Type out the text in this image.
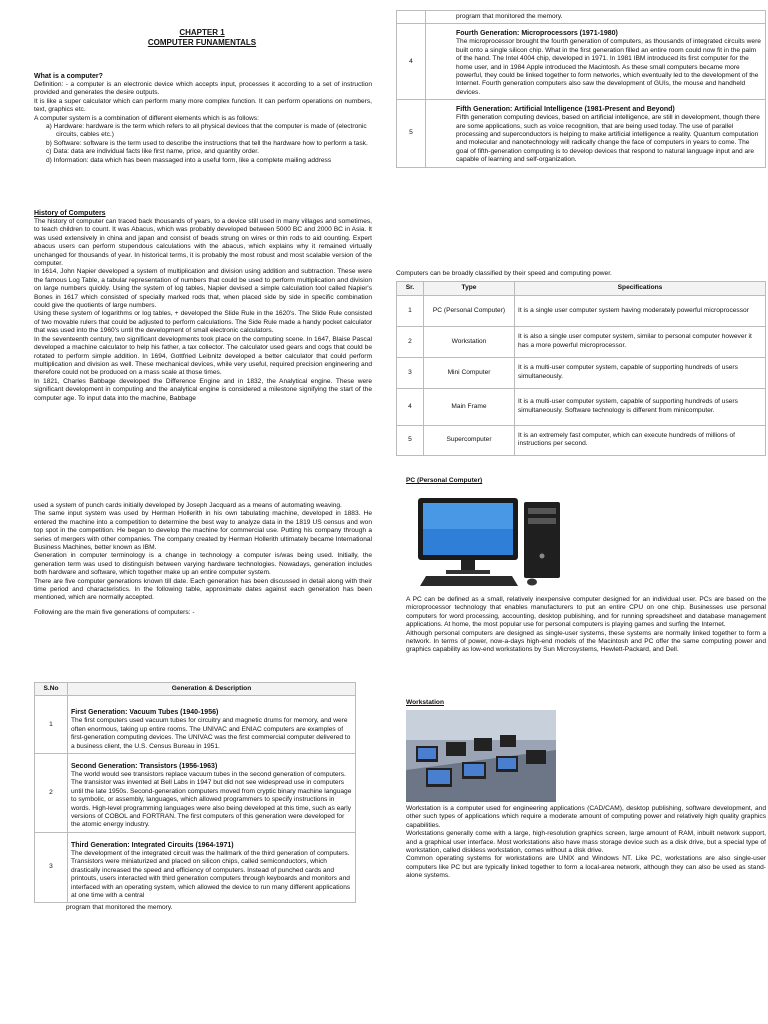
CHAPTER 1
COMPUTER FUNAMENTALS
What is a computer?

Definition: - a computer is an electronic device which accepts input, processes it according to a set of instruction provided and generates the desire outputs.

It is like a super calculator which can perform many more complex function. It can perform operations on numbers, text, graphics etc.

A computer system is a combination of different elements which is as follows:

a) Hardware: hardware is the term which refers to all physical devices that the computer is made of (electronic circuits, cables etc.)
b) Software: software is the term used to describe the instructions that tell the hardware how to perform a task.
c) Data: data are individual facts like first name, price, and quantity order.
d) Information: data which has been massaged into a useful form, like a complete mailing address
History of Computers

The history of computer can traced back thousands of years, to a device still used in many villages and sometimes, to teach children to count. It was Abacus, which was probably developed between 5000 BC and 2000 BC in Asia. It was used extensively in china and japan and consist of beads strung on wires or thin rods to aid counting. Expert abacus users can perform stupendous calculations with the abacus, which explains why it remained virtually unchanged for thousands of year. In historical terms, it is probably the most robust and most scalable version of the computer.

In 1614, John Napier developed a system of multiplication and division using addition and subtraction. These were the famous Log Table, a tabular representation of numbers that could be used to perform multiplication and division on large numbers quickly. Using the system of log tables, Napier devised a simple calculation tool called Napier's Bones in 1617 which consisted of specially marked rods that, when placed side by side in specific combination could give the quotients of large numbers.

Using these system of logarithms or log tables, + developed the Slide Rule in the 1620's. The Slide Rule consisted of two movable rulers that could be adjusted to perform calculations. The Side Rule made a handy pocket calculator that was used into the 1960's until the development of small electronic calculators.

In the seventeenth century, two significant developments took place on the computing scene. In 1647, Blaise Pascal developed a machine calculator to help his father, a tax collector. The calculator used gears and cogs that could be rotated to perform simple addition. In 1694, Gottfried Leibnitz developed a better calculator that could perform multiplication and division as well. These mechanical devices, while very useful, required precision engineering and therefore could not be produced on a mass scale at those times.

In 1821, Charles Babbage developed the Difference Engine and in 1832, the Analytical engine. These were significant development in computing and the analytical engine is considered a milestone signifying the start of the computer age. To input data into the machine, Babbage

used a system of punch cards initially developed by Joseph Jacquard as a means of automating weaving.

The same input system was used by Herman Hollerith in his own tabulating machine, developed in 1883. He entered the machine into a competition to determine the best way to analyze data in the 1819 US census and won top spot in the competition. He began to develop the machine for commercial use. Putting his company through a series of mergers with other companies. The company created by Herman Hollerith ultimately became International Business Machines, better known as IBM.

Generation in computer terminology is a change in technology a computer is/was being used. Initially, the generation term was used to distinguish between varying hardware technologies. Nowadays, generation includes both hardware and software, which together make up an entire computer system.

There are five computer generations known till date. Each generation has been discussed in detail along with their time period and characteristics. In the following table, approximate dates against each generation has been mentioned, which are normally accepted.

Following are the main five generations of computers: -

S.No	Generation & Description
1	First Generation: Vacuum Tubes (1940-1956)
The first computers used vacuum tubes for circuitry and magnetic drums for memory, and were often enormous, taking up entire rooms. The UNIVAC and ENIAC computers are examples of first-generation computing devices. The UNIVAC was the first commercial computer delivered to a business client, the U.S. Census Bureau in 1951.

2	Second Generation: Transistors (1956-1963)
The world would see transistors replace vacuum tubes in the second generation of computers. The transistor was invented at Bell Labs in 1947 but did not see widespread use in computers until the late 1950s. Second-generation computers moved from cryptic binary machine language to symbolic, or assembly, languages, which allowed programmers to specify instructions in words. High-level programming languages were also being developed at this time, such as early versions of COBOL and FORTRAN. The first computers of this generation were developed for the atomic energy industry.

3	Third Generation: Integrated Circuits (1964-1971)
The development of the integrated circuit was the hallmark of the third generation of computers. Transistors were miniaturized and placed on silicon chips, called semiconductors, which drastically increased the speed and efficiency of computers. Instead of punched cards and printouts, users interacted with third generation computers through keyboards and monitors and interfaced with an operating system, which allowed the device to run many different applications at one time with a central
program that monitored the memory.
	program that monitored the memory.
4	Fourth Generation: Microprocessors (1971-1980)
The microprocessor brought the fourth generation of computers, as thousands of integrated circuits were built onto a single silicon chip. What in the first generation filled an entire room could now fit in the palm of the hand. The Intel 4004 chip, developed in 1971. In 1981 IBM introduced its first computer for the home user, and in 1984 Apple introduced the Macintosh. As these small computers became more powerful, they could be linked together to form networks, which eventually led to the development of the Internet. Fourth generation computers also saw the development of GUIs, the mouse and handheld devices.

5	Fifth Generation: Artificial Intelligence (1981-Present and Beyond)
Fifth generation computing devices, based on artificial intelligence, are still in development, though there are some applications, such as voice recognition, that are being used today. The use of parallel processing and superconductors is helping to make artificial intelligence a reality. Quantum computation and molecular and nanotechnology will radically change the face of computers in years to come. The goal of fifth-generation computing is to develop devices that respond to natural language input and are capable of learning and self-organization.

Computers can be broadly classified by their speed and computing power.

Sr.	Type	Specifications
1	PC (Personal Computer)	It is a single user computer system having moderately powerful microprocessor
2	Workstation	It is also a single user computer system, similar to personal computer however it has a more powerful microprocessor.
3	Mini Computer	It is a multi-user computer system, capable of supporting hundreds of users simultaneously.
4	Main Frame	It is a multi-user computer system, capable of supporting hundreds of users simultaneously. Software technology is different from minicomputer.
5	Supercomputer	It is an extremely fast computer, which can execute hundreds of millions of instructions per second.
PC (Personal Computer)

A PC can be defined as a small, relatively inexpensive computer designed for an individual user. PCs are based on the microprocessor technology that enables manufacturers to put an entire CPU on one chip. Businesses use personal computers for word processing, accounting, desktop publishing, and for running spreadsheet and database management applications. At home, the most popular use for personal computers is playing games and surfing the Internet.

Although personal computers are designed as single-user systems, these systems are normally linked together to form a network. In terms of power, now-a-days high-end models of the Macintosh and PC offer the same computing power and graphics capability as low-end workstations by Sun Microsystems, Hewlett-Packard, and Dell.

Workstation

Workstation is a computer used for engineering applications (CAD/CAM), desktop publishing, software development, and other such types of applications which require a moderate amount of computing power and relatively high quality graphics capabilities.

Workstations generally come with a large, high-resolution graphics screen, large amount of RAM, inbuilt network support, and a graphical user interface. Most workstations also have mass storage device such as a disk drive, but a special type of workstation, called diskless workstation, comes without a disk drive.

Common operating systems for workstations are UNIX and Windows NT. Like PC, workstations are also single-user computers like PC but are typically linked together to form a local-area network, although they can also be used as stand-alone systems.
